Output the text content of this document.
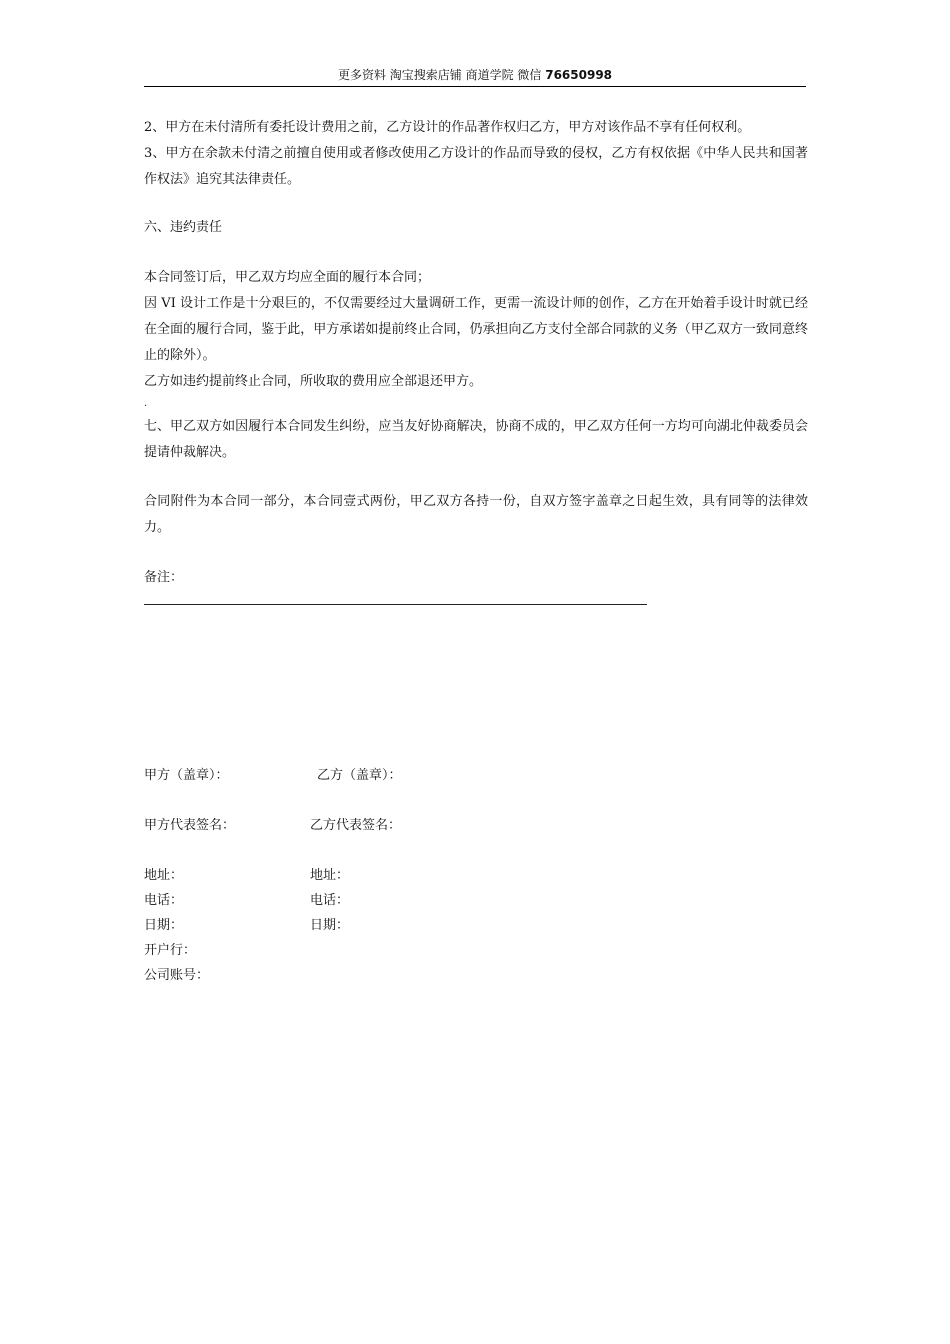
更多资料 淘宝搜索店铺 商道学院 微信 76650998

2、甲方在未付清所有委托设计费用之前，乙方设计的作品著作权归乙方，甲方对该作品不享有任何权利。

3、甲方在余款未付清之前擅自使用或者修改使用乙方设计的作品而导致的侵权，乙方有权依据《中华人民共和国著作权法》追究其法律责任。

六、违约责任

本合同签订后，甲乙双方均应全面的履行本合同；

因 VI 设计工作是十分艰巨的，不仅需要经过大量调研工作，更需一流设计师的创作，乙方在开始着手设计时就已经在全面的履行合同，鉴于此，甲方承诺如提前终止合同，仍承担向乙方支付全部合同款的义务（甲乙双方一致同意终止的除外）。

乙方如违约提前终止合同，所收取的费用应全部退还甲方。

.
七、甲乙双方如因履行本合同发生纠纷，应当友好协商解决，协商不成的，甲乙双方任何一方均可向湖北仲裁委员会提请仲裁解决。
合同附件为本合同一部分，本合同壹式两份，甲乙双方各持一份，自双方签字盖章之日起生效，具有同等的法律效力。
备注：
甲方（盖章）：	乙方（盖章）：
甲方代表签名：	乙方代表签名：
地址：	地址：
电话：	电话：
日期：	日期：
开户行：
公司账号：
